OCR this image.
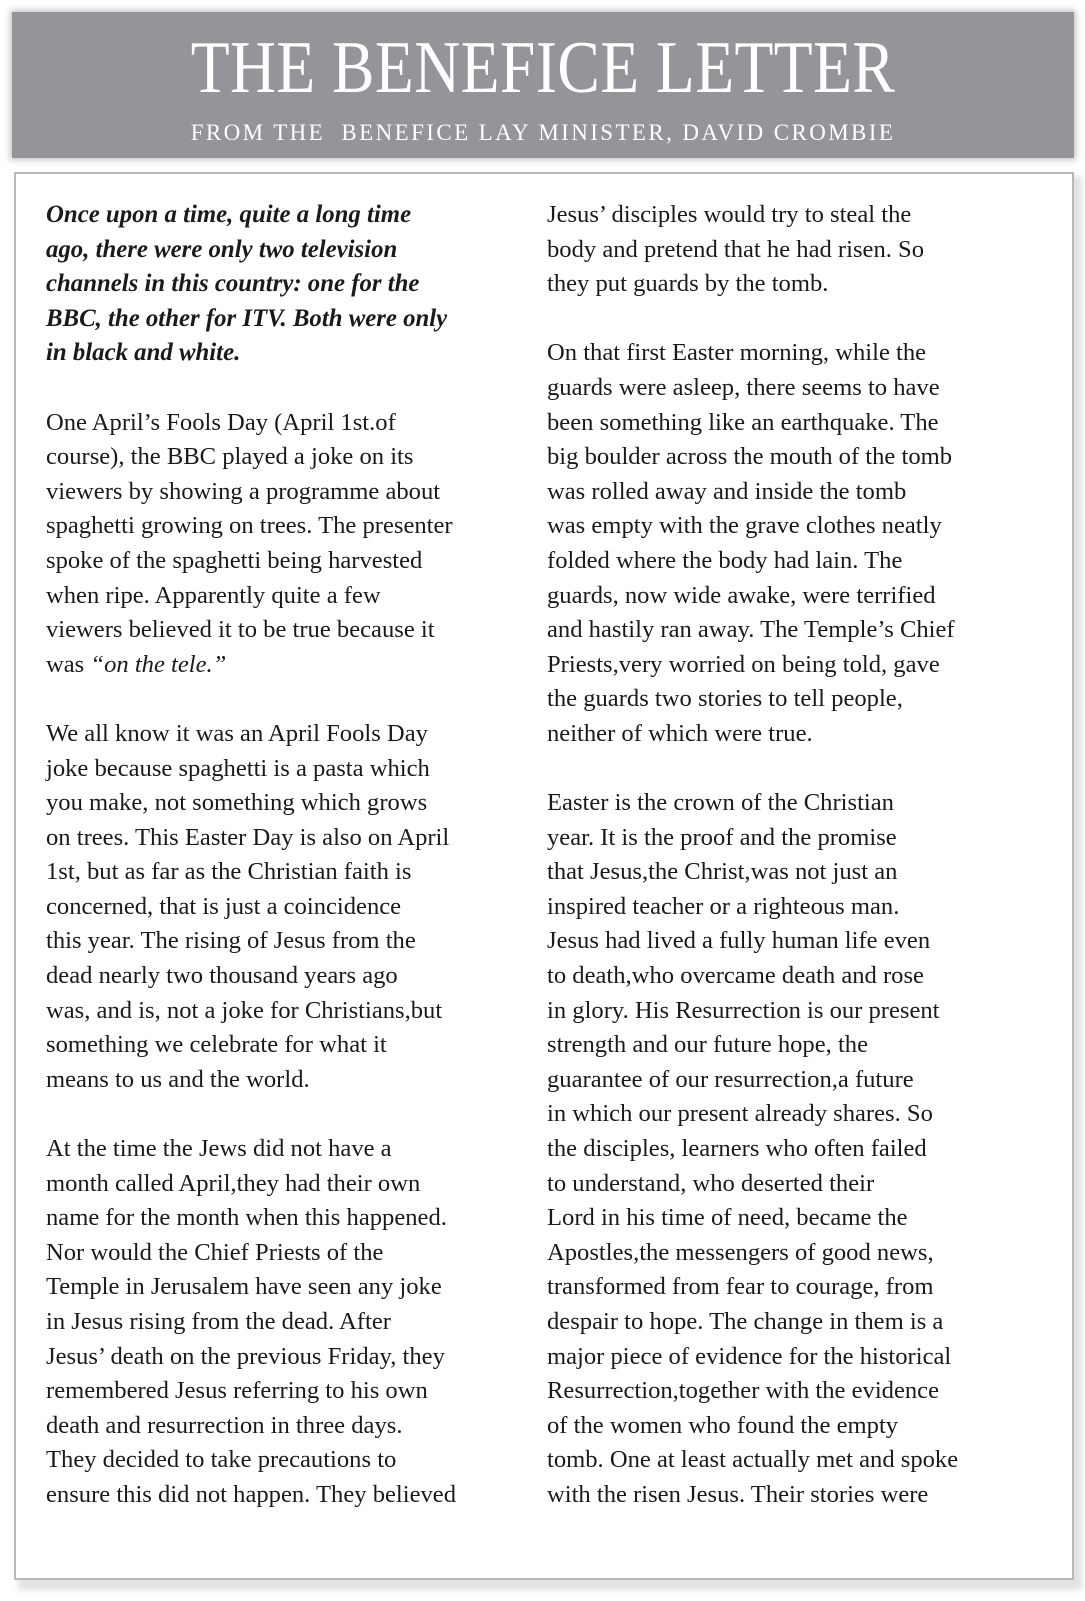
THE BENEFICE LETTER
FROM THE  BENEFICE LAY MINISTER, DAVID CROMBIE
Once upon a time, quite a long time
ago, there were only two television
channels in this country: one for the
BBC, the other for ITV. Both were only
in black and white.
One April’s Fools Day (April 1st.of
course), the BBC played a joke on its
viewers by showing a programme about
spaghetti growing on trees. The presenter
spoke of the spaghetti being harvested
when ripe. Apparently quite a few
viewers believed it to be true because it
was “on the tele.”
We all know it was an April Fools Day
joke because spaghetti is a pasta which
you make, not something which grows
on trees. This Easter Day is also on April
1st, but as far as the Christian faith is
concerned, that is just a coincidence
this year. The rising of Jesus from the
dead nearly two thousand years ago
was, and is, not a joke for Christians,but
something we celebrate for what it
means to us and the world.
At the time the Jews did not have a
month called April,they had their own
name for the month when this happened.
Nor would the Chief Priests of the
Temple in Jerusalem have seen any joke
in Jesus rising from the dead. After
Jesus’ death on the previous Friday, they
remembered Jesus referring to his own
death and resurrection in three days.
They decided to take precautions to
ensure this did not happen. They believed
Jesus’ disciples would try to steal the
body and pretend that he had risen. So
they put guards by the tomb.
On that first Easter morning, while the
guards were asleep, there seems to have
been something like an earthquake. The
big boulder across the mouth of the tomb
was rolled away and inside the tomb
was empty with the grave clothes neatly
folded where the body had lain. The
guards, now wide awake, were terrified
and hastily ran away. The Temple’s Chief
Priests,very worried on being told, gave
the guards two stories to tell people,
neither of which were true.
Easter is the crown of the Christian
year. It is the proof and the promise
that Jesus,the Christ,was not just an
inspired teacher or a righteous man.
Jesus had lived a fully human life even
to death,who overcame death and rose
in glory. His Resurrection is our present
strength and our future hope, the
guarantee of our resurrection,a future
in which our present already shares. So
the disciples, learners who often failed
to understand, who deserted their
Lord in his time of need, became the
Apostles,the messengers of good news,
transformed from fear to courage, from
despair to hope. The change in them is a
major piece of evidence for the historical
Resurrection,together with the evidence
of the women who found the empty
tomb. One at least actually met and spoke
with the risen Jesus. Their stories were
